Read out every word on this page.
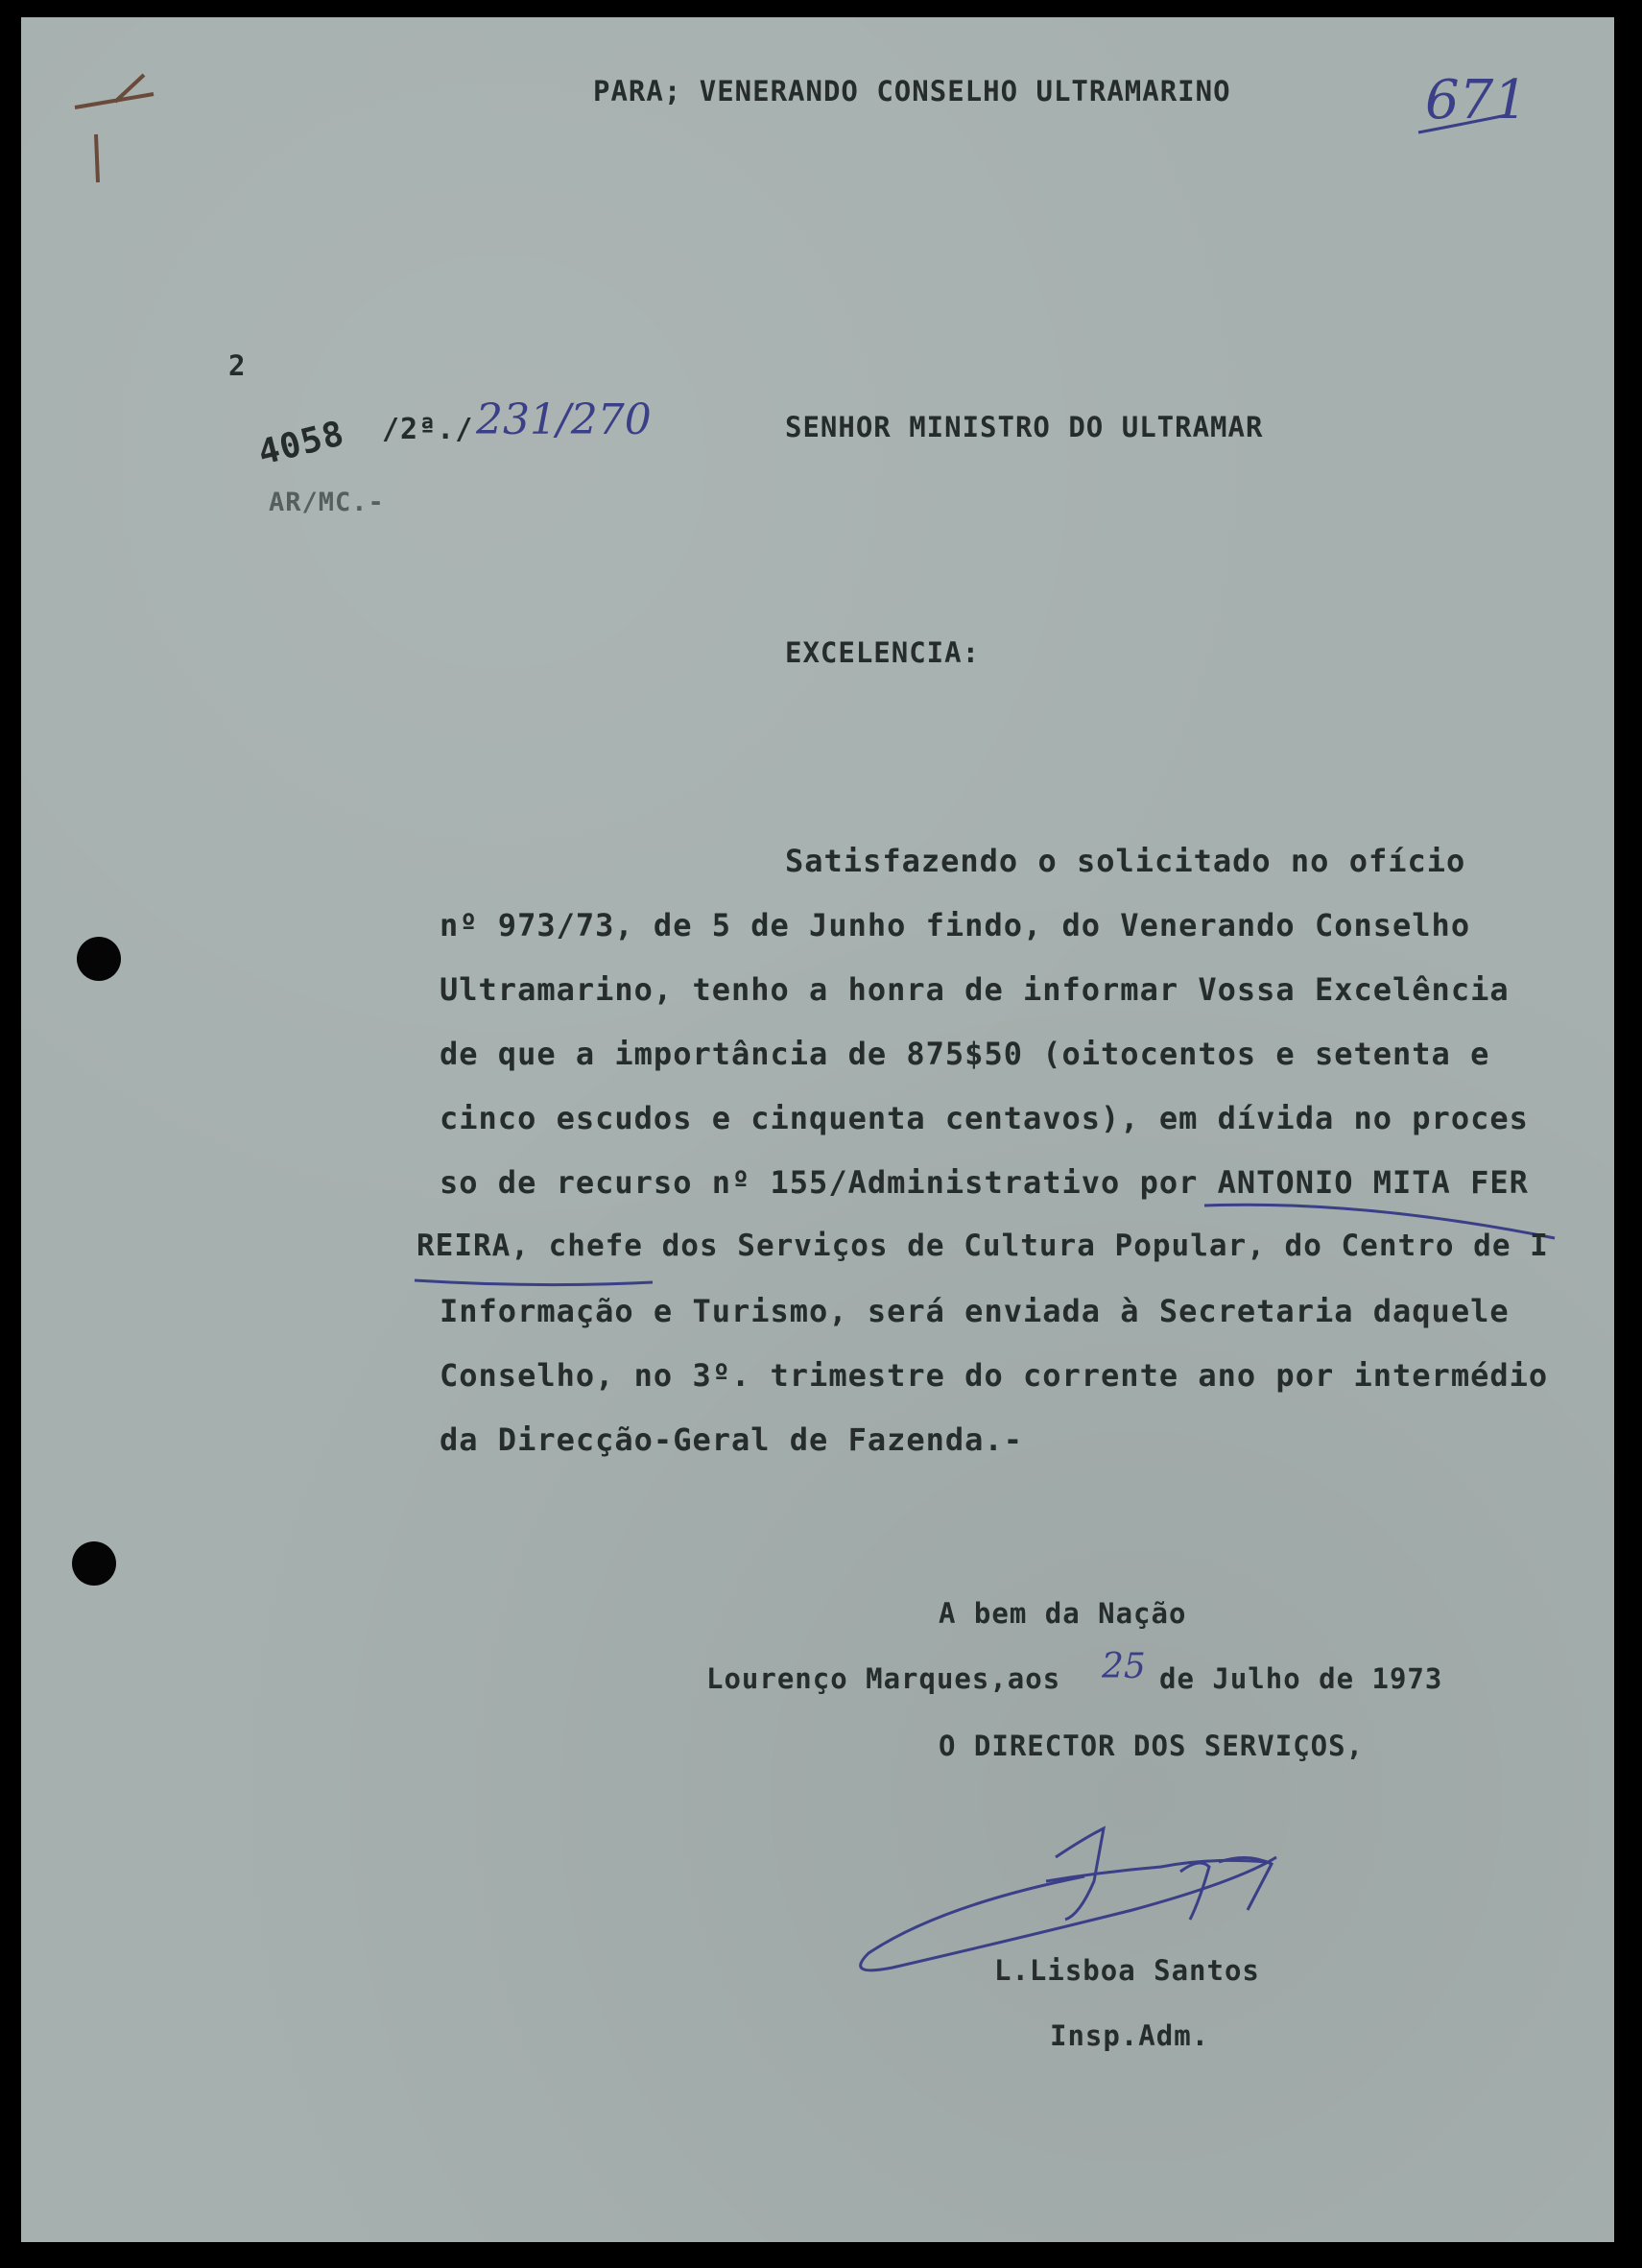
PARA; VENERANDO CONSELHO ULTRAMARINO	671
2
4058 /2ª./ 231/270
AR/MC.-
SENHOR MINISTRO DO ULTRAMAR
EXCELENCIA:
Satisfazendo o solicitado no ofício
nº 973/73, de 5 de Junho findo, do Venerando Conselho
Ultramarino, tenho a honra de informar Vossa Excelência
de que a importância de 875$50 (oitocentos e setenta e
cinco escudos e cinquenta centavos), em dívida no proces
so de recurso nº 155/Administrativo por ANTONIO MITA FER
REIRA, chefe dos Serviços de Cultura Popular, do Centro de I
Informação e Turismo, será enviada à Secretaria daquele
Conselho, no 3º. trimestre do corrente ano por intermédio
da Direcção-Geral de Fazenda.-
A bem da Nação
Lourenço Marques,aos 25 de Julho de 1973
O DIRECTOR DOS SERVIÇOS,
L.Lisboa Santos
Insp.Adm.
